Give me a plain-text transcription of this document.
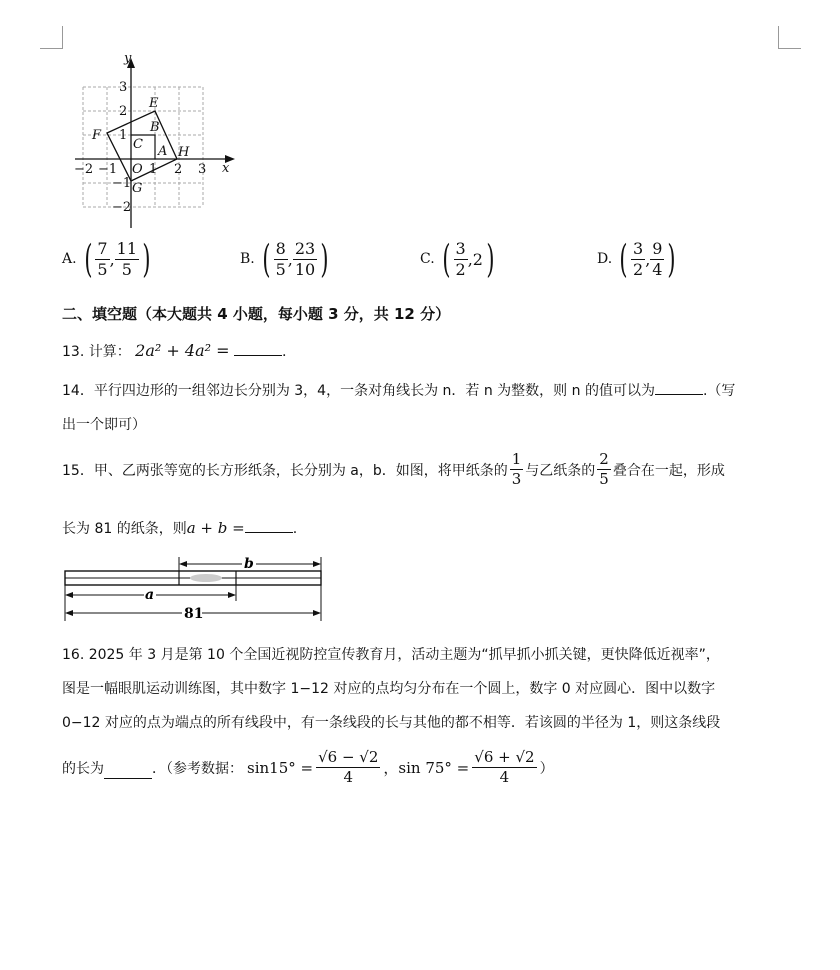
y
x
E
F
B
C A H
G
−2 −1 O 1 2 3
3
2
1
−1
−2
A. ( $\frac{7}{5}$ , $\frac{11}{5}$ )	B. ( $\frac{8}{5}$ , $\frac{23}{10}$ )	C. ( $\frac{3}{2}$ , 2 )	D. ( $\frac{3}{2}$ , $\frac{9}{4}$ )
二、填空题（本大题共 4 小题，每小题 3 分，共 12 分）
13. 计算： 2a² + 4a² =	.
14．平行四边形的一组邻边长分别为 3，4，一条对角线长为 n．若 n 为整数，则 n 的值可以为	.（写
出一个即可）
15．甲、乙两张等宽的长方形纸条，长分别为 a，b．如图，将甲纸条的 $\frac{1}{3}$ 与乙纸条的 $\frac{2}{5}$ 叠合在一起，形成
长为 81 的纸条，则a + b =	.
b
a
81
16. 2025 年 3 月是第 10 个全国近视防控宣传教育月，活动主题为“抓早抓小抓关键，更快降低近视率”，
图是一幅眼肌运动训练图，其中数字 1−12 对应的点均匀分布在一个圆上，数字 0 对应圆心．图中以数字
0−12 对应的点为端点的所有线段中，有一条线段的长与其他的都不相等．若该圆的半径为 1，则这条线段
的长为	．（参考数据： $\sin 15^\circ = \frac{√6 - √2}{4}$ ，$\sin 75^\circ = \frac{√6 + √2}{4}$ ）
